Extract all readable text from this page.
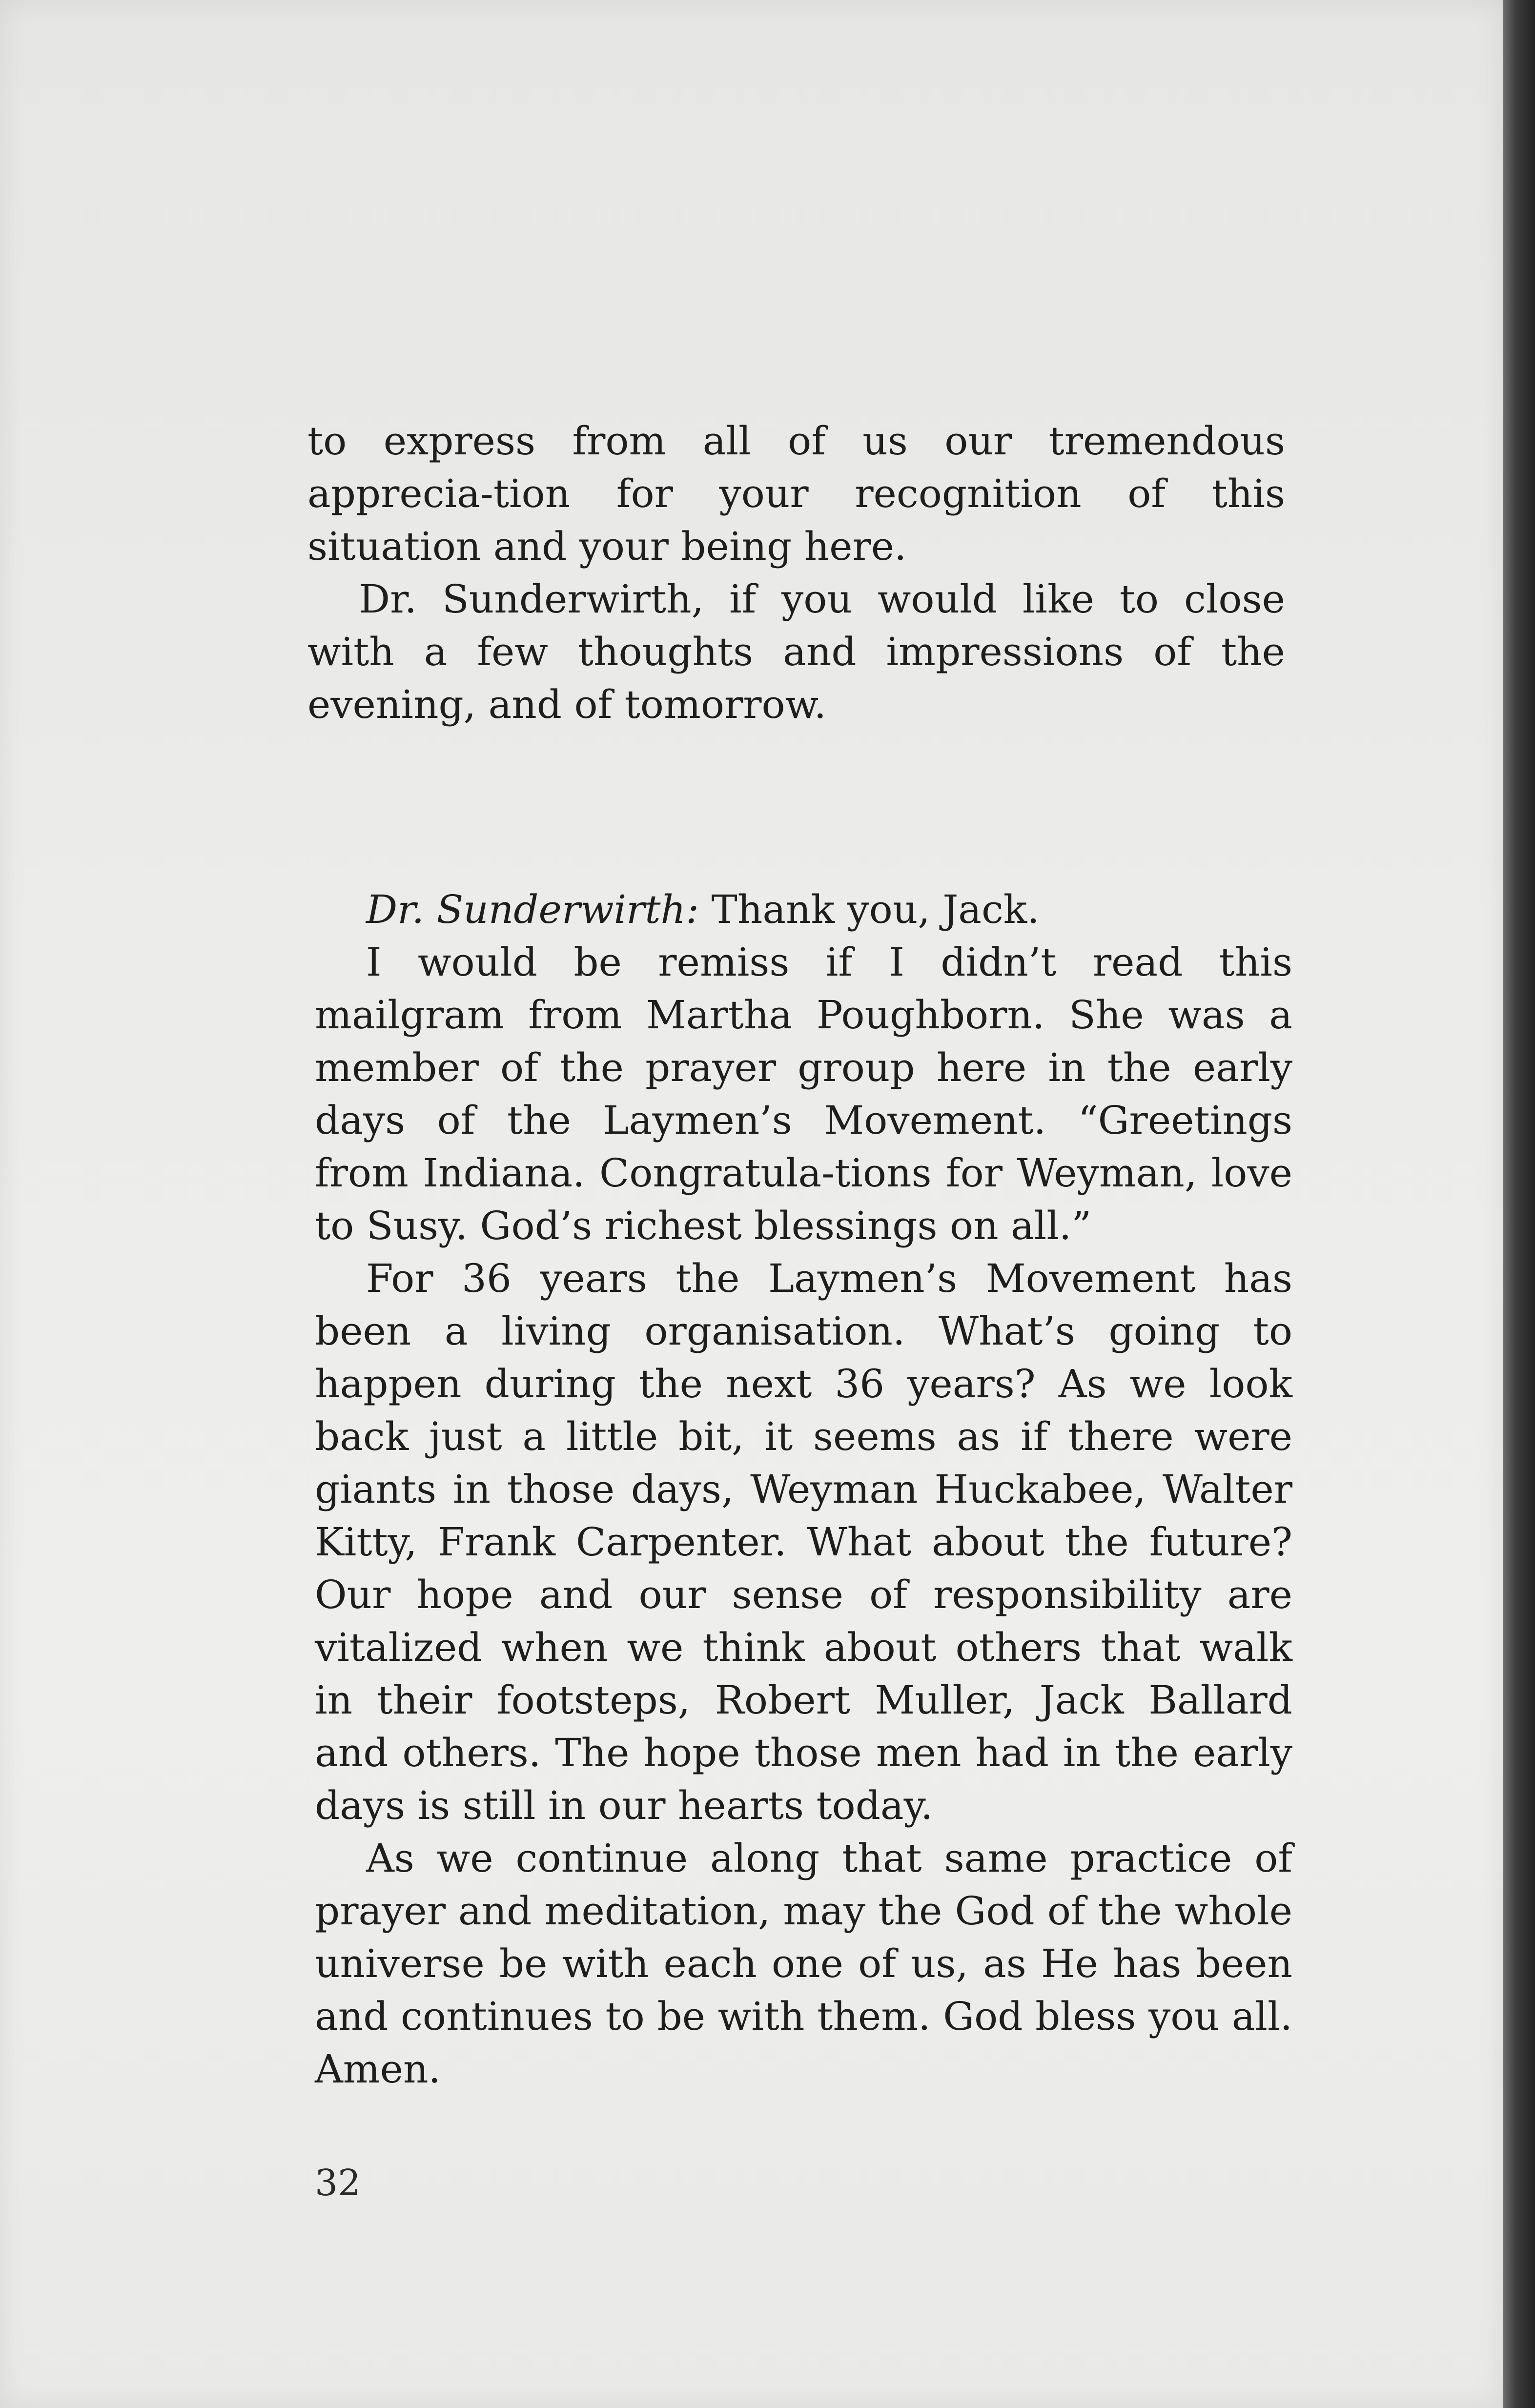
to express from all of us our tremendous apprecia-tion for your recognition of this situation and your being here.

Dr. Sunderwirth, if you would like to close with a few thoughts and impressions of the evening, and of tomorrow.

Dr. Sunderwirth: Thank you, Jack.

I would be remiss if I didn’t read this mailgram from Martha Poughborn. She was a member of the prayer group here in the early days of the Laymen’s Movement. “Greetings from Indiana. Congratula-tions for Weyman, love to Susy. God’s richest blessings on all.”

For 36 years the Laymen’s Movement has been a living organisation. What’s going to happen during the next 36 years? As we look back just a little bit, it seems as if there were giants in those days, Weyman Huckabee, Walter Kitty, Frank Carpenter. What about the future? Our hope and our sense of responsibility are vitalized when we think about others that walk in their footsteps, Robert Muller, Jack Ballard and others. The hope those men had in the early days is still in our hearts today.

As we continue along that same practice of prayer and meditation, may the God of the whole universe be with each one of us, as He has been and continues to be with them. God bless you all. Amen.

32
